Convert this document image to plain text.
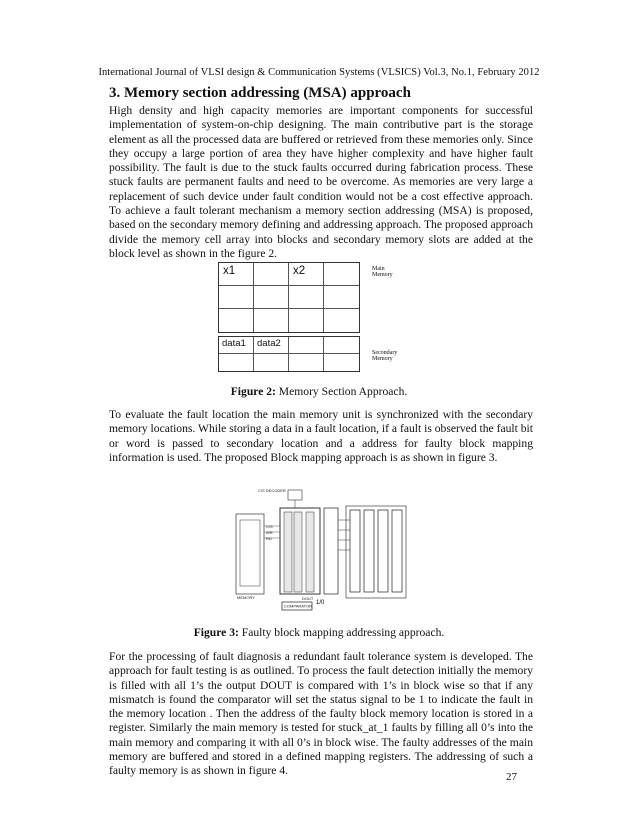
International Journal of VLSI design & Communication Systems (VLSICS) Vol.3, No.1, February 2012
3. Memory section addressing (MSA) approach

High density and high capacity memories are important components for successful implementation of system-on-chip designing. The main contributive part is the storage element as all the processed data are buffered or retrieved from these memories only. Since they occupy a large portion of area they have higher complexity and have higher fault possibility. The fault is due to the stuck faults occurred during fabrication process. These stuck faults are permanent faults and need to be overcome. As memories are very large a replacement of such device under fault condition would not be a cost effective approach. To achieve a fault tolerant mechanism a memory section addressing (MSA) is proposed, based on the secondary memory defining and addressing approach. The proposed approach divide the memory cell array into blocks and secondary memory slots are added at the block level as shown in the figure 2.

x1	x2
data1	data2
Main Memory
Secondary Memory
Figure 2: Memory Section Approach.

To evaluate the fault location the main memory unit is synchronized with the secondary memory locations. While storing a data in a fault location, if a fault is observed the fault bit or word is passed to secondary location and a address for faulty block mapping information is used. The proposed Block mapping approach is as shown in figure 3.

C/S DECODER
MEMORY
C/S
WR
RD
DOUT
COMPARATOR 1/0
Figure 3: Faulty block mapping addressing approach.

For the processing of fault diagnosis a redundant fault tolerance system is developed. The approach for fault testing is as outlined. To process the fault detection initially the memory is filled with all 1’s the output DOUT is compared with 1’s in block wise so that if any mismatch is found the comparator will set the status signal to be 1 to indicate the fault in the memory location . Then the address of the faulty block memory location is stored in a register. Similarly the main memory is tested for stuck_at_1 faults by filling all 0’s into the main memory and comparing it with all 0’s in block wise. The faulty addresses of the main memory are buffered and stored in a defined mapping registers. The addressing of such a faulty memory is as shown in figure 4.	27
